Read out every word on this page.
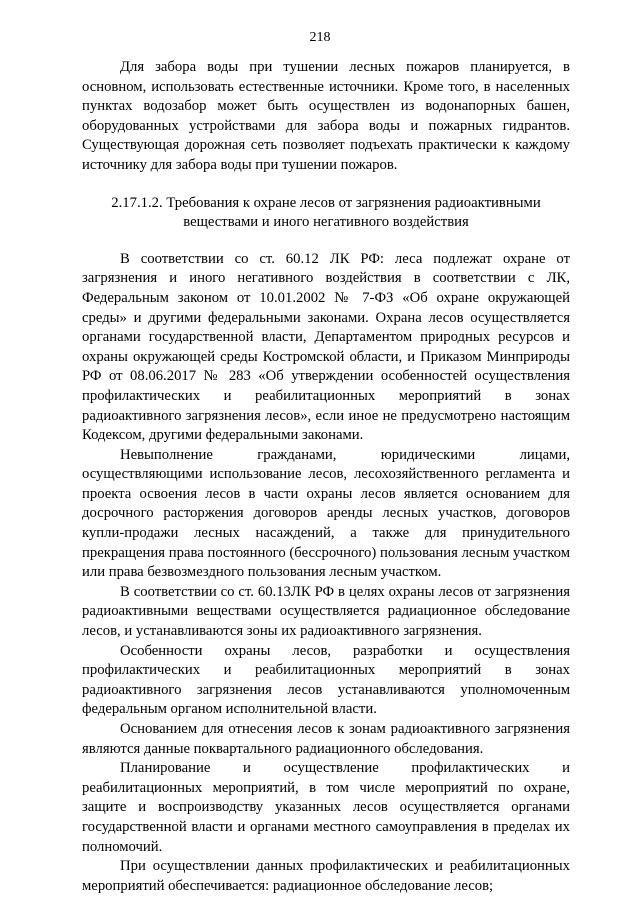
218

Для забора воды при тушении лесных пожаров планируется, в основном, использовать естественные источники. Кроме того, в населенных пунктах водозабор может быть осуществлен из водонапорных башен, оборудованных устройствами для забора воды и пожарных гидрантов. Существующая дорожная сеть позволяет подъехать практически к каждому источнику для забора воды при тушении пожаров.

2.17.1.2. Требования к охране лесов от загрязнения радиоактивными
веществами и иного негативного воздействия

В соответствии со ст. 60.12 ЛК РФ: леса подлежат охране от загрязнения и иного негативного воздействия в соответствии с ЛК, Федеральным законом от 10.01.2002 № 7-ФЗ «Об охране окружающей среды» и другими федеральными законами. Охрана лесов осуществляется органами государственной власти, Департаментом природных ресурсов и охраны окружающей среды Костромской области, и Приказом Минприроды РФ от 08.06.2017 № 283 «Об утверждении особенностей осуществления профилактических и реабилитационных мероприятий в зонах радиоактивного загрязнения лесов», если иное не предусмотрено настоящим Кодексом, другими федеральными законами.

Невыполнение гражданами, юридическими лицами, осуществляющими использование лесов, лесохозяйственного регламента и проекта освоения лесов в части охраны лесов является основанием для досрочного расторжения договоров аренды лесных участков, договоров купли-продажи лесных насаждений, а также для принудительного прекращения права постоянного (бессрочного) пользования лесным участком или права безвозмездного пользования лесным участком.

В соответствии со ст. 60.13ЛК РФ в целях охраны лесов от загрязнения радиоактивными веществами осуществляется радиационное обследование лесов, и устанавливаются зоны их радиоактивного загрязнения.

Особенности охраны лесов, разработки и осуществления профилактических и реабилитационных мероприятий в зонах радиоактивного загрязнения лесов устанавливаются уполномоченным федеральным органом исполнительной власти.

Основанием для отнесения лесов к зонам радиоактивного загрязнения являются данные поквартального радиационного обследования.

Планирование и осуществление профилактических и реабилитационных мероприятий, в том числе мероприятий по охране, защите и воспроизводству указанных лесов осуществляется органами государственной власти и органами местного самоуправления в пределах их полномочий.

При осуществлении данных профилактических и реабилитационных мероприятий обеспечивается: радиационное обследование лесов;
